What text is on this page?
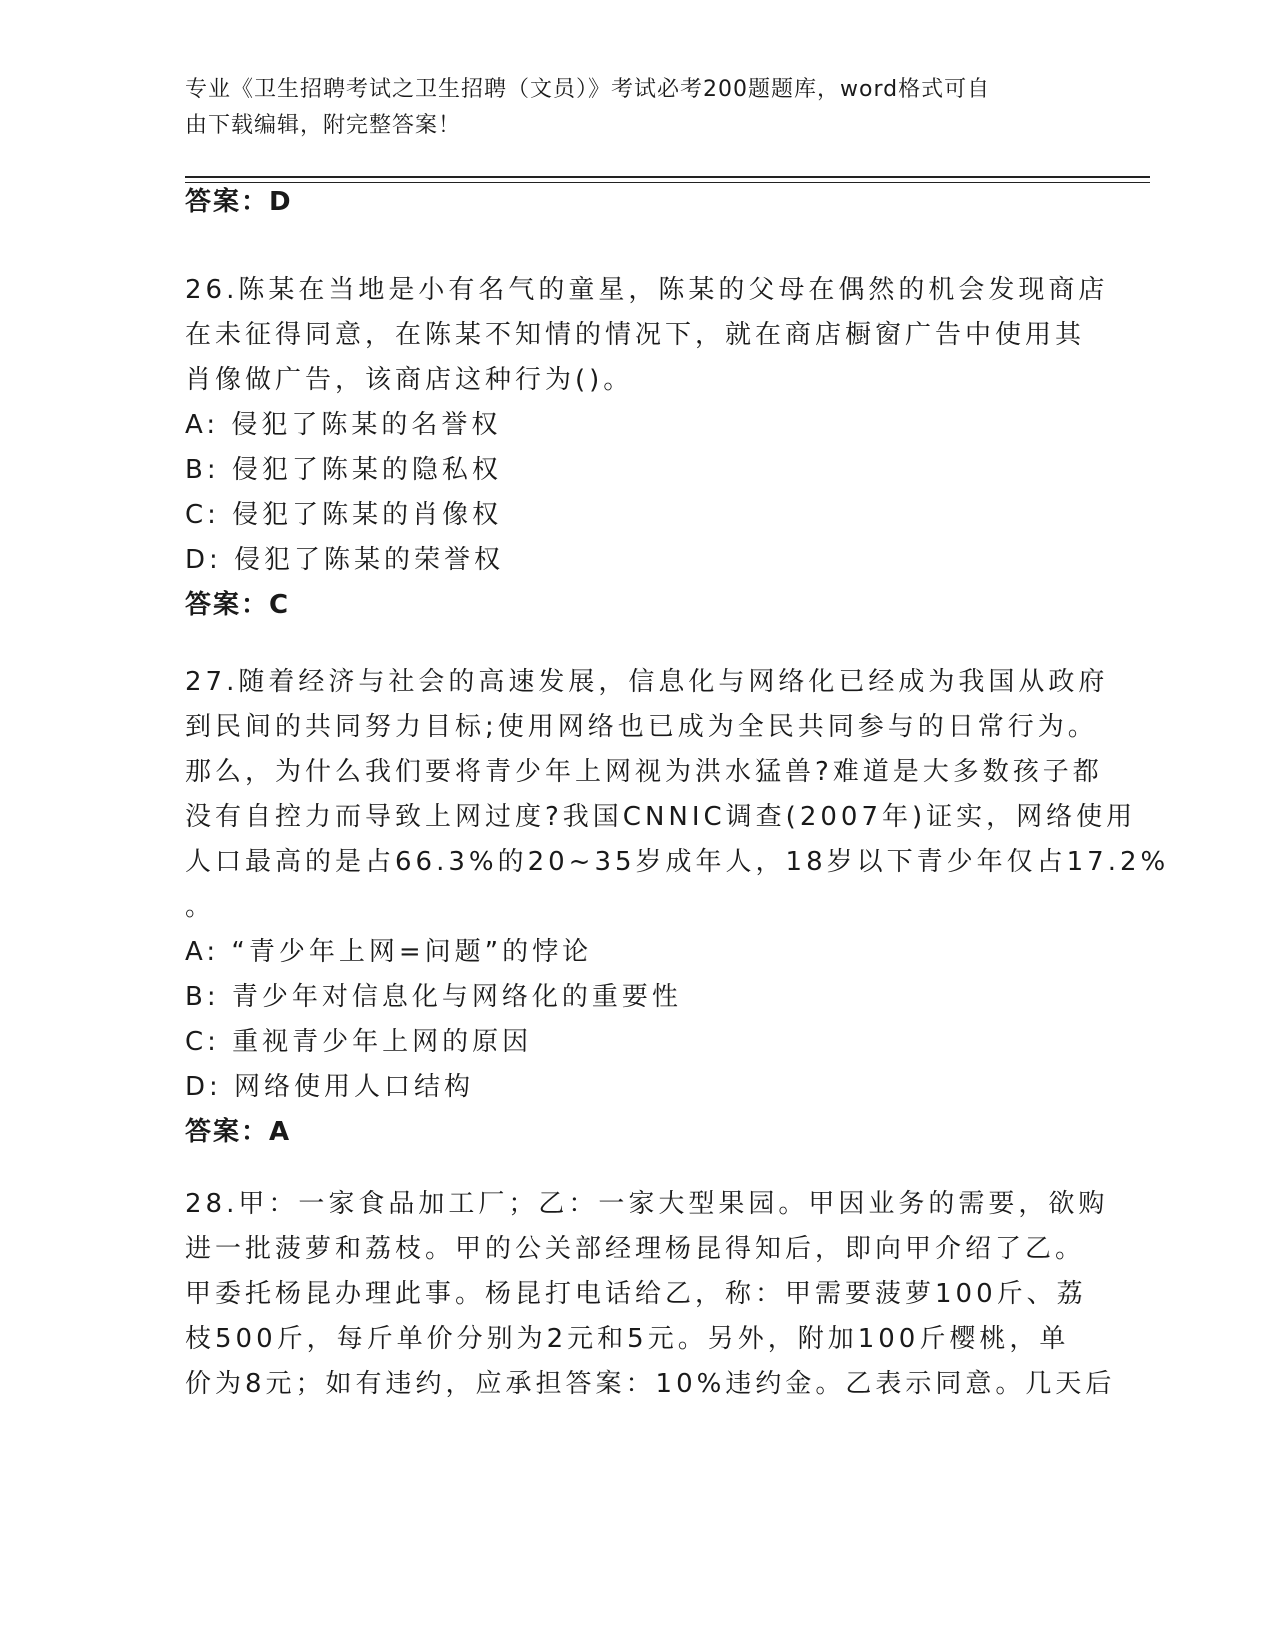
专业《卫生招聘考试之卫生招聘（文员）》考试必考200题题库，word格式可自
由下载编辑，附完整答案！
答案：D
26.陈某在当地是小有名气的童星，陈某的父母在偶然的机会发现商店
在未征得同意，在陈某不知情的情况下，就在商店橱窗广告中使用其
肖像做广告，该商店这种行为()。
A: 侵犯了陈某的名誉权
B: 侵犯了陈某的隐私权
C: 侵犯了陈某的肖像权
D: 侵犯了陈某的荣誉权
答案：C
27.随着经济与社会的高速发展，信息化与网络化已经成为我国从政府
到民间的共同努力目标;使用网络也已成为全民共同参与的日常行为。
那么，为什么我们要将青少年上网视为洪水猛兽?难道是大多数孩子都
没有自控力而导致上网过度?我国CNNIC调查(2007年)证实，网络使用
人口最高的是占66.3%的20~35岁成年人，18岁以下青少年仅占17.2%
。
A: “青少年上网=问题”的悖论
B: 青少年对信息化与网络化的重要性
C: 重视青少年上网的原因
D: 网络使用人口结构
答案：A
28.甲：一家食品加工厂；乙：一家大型果园。甲因业务的需要，欲购
进一批菠萝和荔枝。甲的公关部经理杨昆得知后，即向甲介绍了乙。
甲委托杨昆办理此事。杨昆打电话给乙，称：甲需要菠萝100斤、荔
枝500斤，每斤单价分别为2元和5元。另外，附加100斤樱桃，单
价为8元；如有违约，应承担答案：10%违约金。乙表示同意。几天后
